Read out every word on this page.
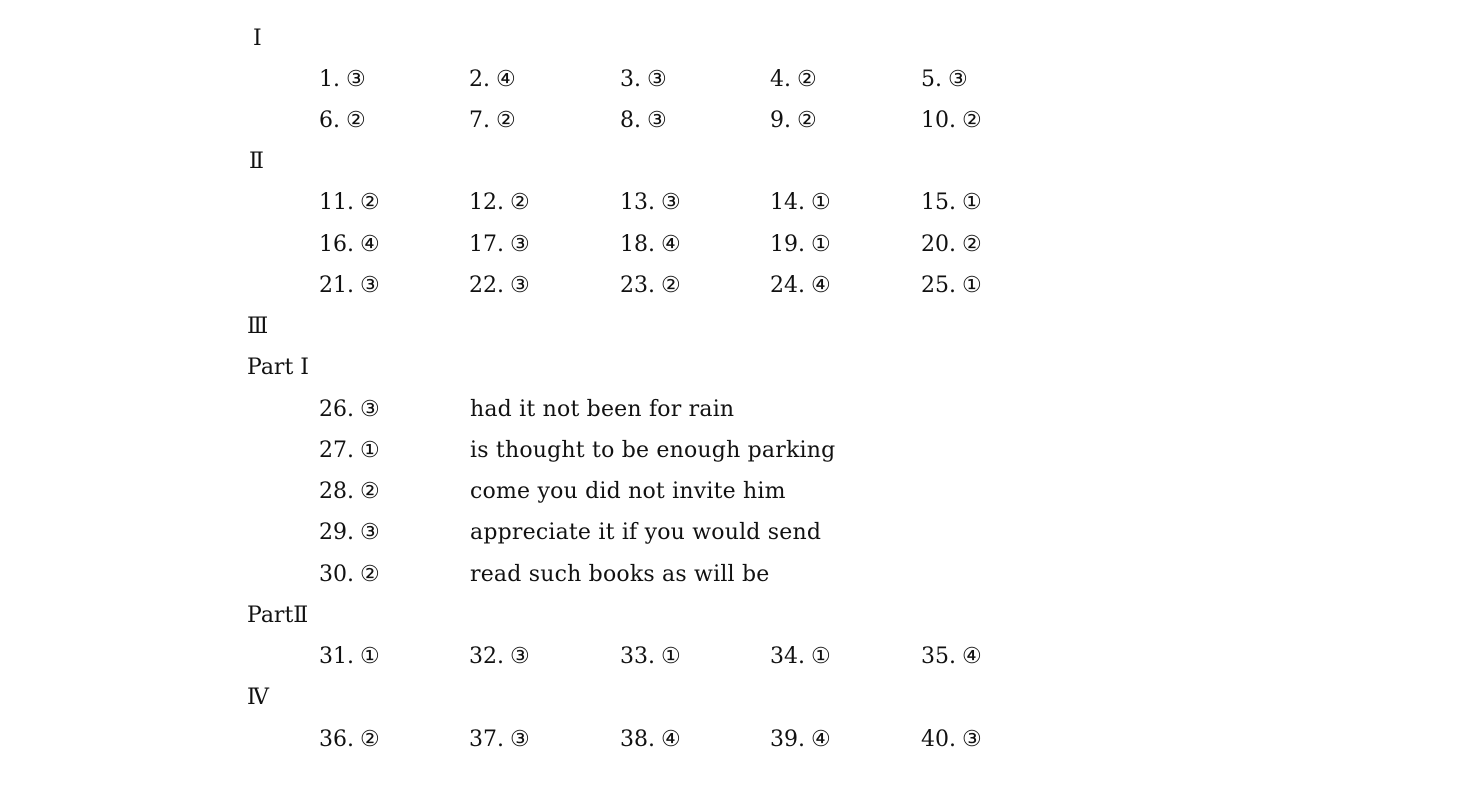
Ⅰ
1. ③	2. ④	3. ③	4. ②	5. ③
6. ②	7. ②	8. ③	9. ②	10. ②
Ⅱ
11. ②	12. ②	13. ③	14. ①	15. ①
16. ④	17. ③	18. ④	19. ①	20. ②
21. ③	22. ③	23. ②	24. ④	25. ①
Ⅲ
Part Ⅰ
26. ③	had it not been for rain
27. ①	is thought to be enough parking
28. ②	come you did not invite him
29. ③	appreciate it if you would send
30. ②	read such books as will be
PartⅡ
31. ①	32. ③	33. ①	34. ①	35. ④
Ⅳ
36. ②	37. ③	38. ④	39. ④	40. ③
